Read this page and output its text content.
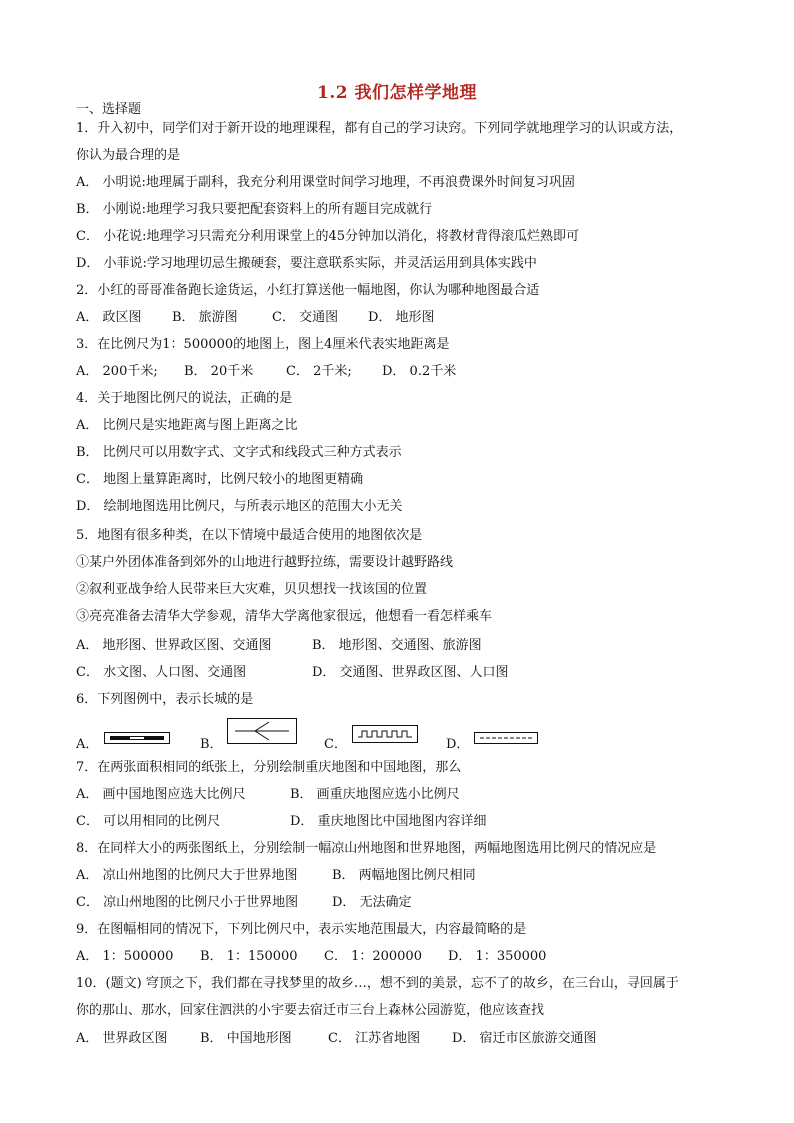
1.2 我们怎样学地理
一、选择题
1．升入初中，同学们对于新开设的地理课程，都有自己的学习诀窍。下列同学就地理学习的认识或方法，
你认为最合理的是
A． 小明说:地理属于副科，我充分利用课堂时间学习地理，不再浪费课外时间复习巩固
B． 小刚说:地理学习我只要把配套资料上的所有题目完成就行
C． 小花说:地理学习只需充分利用课堂上的45分钟加以消化，将教材背得滚瓜烂熟即可
D． 小菲说:学习地理切忌生搬硬套，要注意联系实际，并灵活运用到具体实践中
2．小红的哥哥准备跑长途货运，小红打算送他一幅地图，你认为哪种地图最合适
A． 政区图 B． 旅游图	C． 交通图 D． 地形图
3．在比例尺为1：500000的地图上，图上4厘米代表实地距离是
A． 200千米; B． 20千米	C． 2千米; D． 0.2千米
4．关于地图比例尺的说法，正确的是
A． 比例尺是实地距离与图上距离之比
B． 比例尺可以用数字式、文字式和线段式三种方式表示
C． 地图上量算距离时，比例尺较小的地图更精确
D． 绘制地图选用比例尺，与所表示地区的范围大小无关
5．地图有很多种类，在以下情境中最适合使用的地图依次是
①某户外团体准备到郊外的山地进行越野拉练，需要设计越野路线
②叙利亚战争给人民带来巨大灾难，贝贝想找一找该国的位置
③亮亮准备去清华大学参观，清华大学离他家很远，他想看一看怎样乘车
A． 地形图、世界政区图、交通图	B． 地形图、交通图、旅游图
C． 水文图、人口图、交通图	D． 交通图、世界政区图、人口图
6．下列图例中，表示长城的是
A．	B．	C．	D．
7．在两张面积相同的纸张上，分别绘制重庆地图和中国地图，那么
A． 画中国地图应选大比例尺	B． 画重庆地图应选小比例尺
C． 可以用相同的比例尺	D． 重庆地图比中国地图内容详细
8．在同样大小的两张图纸上，分别绘制一幅凉山州地图和世界地图，两幅地图选用比例尺的情况应是
A． 凉山州地图的比例尺大于世界地图	B． 两幅地图比例尺相同
C． 凉山州地图的比例尺小于世界地图	D． 无法确定
9．在图幅相同的情况下，下列比例尺中，表示实地范围最大，内容最简略的是
A． 1：500000 B． 1：150000 C． 1：200000 D． 1：350000
10．(题文) 穹顶之下，我们都在寻找梦里的故乡…，想不到的美景，忘不了的故乡，在三台山，寻回属于
你的那山、那水，回家住泗洪的小宇要去宿迁市三台上森林公园游览，他应该查找
A． 世界政区图 B． 中国地形图	C． 江苏省地图 D． 宿迁市区旅游交通图
